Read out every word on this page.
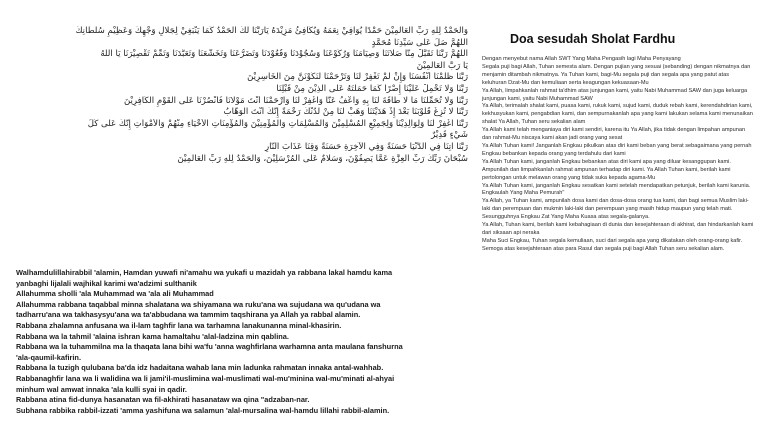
وَالْحَمْدُ لِلّٰهِ رَبِّ الْعَالَمِيْنَ حَمْدًا يُوَافِيْ نِعَمَهُ وَيُكَافِئُ مَزِيْدَهُ يَارَبَّنَا لَكَ الْحَمْدُ كَمَا يَنْبَغِيْ لِجَلَالِ وَجْهِكَ وَعَظِيْمِ سُلْطَانِكَ
اَللّٰهُمَّ صَلِّ عَلٰى سَيِّدِنَا مُحَمَّدٍ
اَللّٰهُمَّ رَبَّنَا تَقَبَّلْ مِنَّا صَلَاتَنَا وَصِيَامَنَا وَرُكُوْعَنَا وَسُجُوْدَنَا وَقُعُوْدَنَا وَتَضَرُّعَنَا وَتَخَشُّعَنَا وَتَعَبُّدَنَا وَتَمِّمْ تَقْصِيْرَنَا يَا اَللّٰهُ
يَا رَبَّ الْعَالَمِيْنَ
رَبَّنَا ظَلَمْنَا أَنْفُسَنَا وَإِنْ لَمْ تَغْفِرْ لَنَا وَتَرْحَمْنَا لَنَكُوْنَنَّ مِنَ الْخَاسِرِيْنَ
رَبَّنَا وَلَا تَحْمِلْ عَلَيْنَا إِصْرًا كَمَا حَمَلْتَهُ عَلَى الَّذِيْنَ مِنْ قَبْلِنَا
رَبَّنَا وَلَا تُحَمِّلْنَا مَا لَا طَاقَةَ لَنَا بِهِ وَاعْفُ عَنَّا وَاغْفِرْ لَنَا وَارْحَمْنَا أَنْتَ مَوْلَانَا فَانْصُرْنَا عَلَى الْقَوْمِ الْكَافِرِيْنَ
رَبَّنَا لَا تُزِغْ قُلُوْبَنَا بَعْدَ إِذْ هَدَيْتَنَا وَهَبْ لَنَا مِنْ لَدُنْكَ رَحْمَةً إِنَّكَ أَنْتَ الْوَهَّابُ
رَبَّنَا اغْفِرْ لَنَا وَلِوَالِدِيْنَا وَلِجَمِيْعِ الْمُسْلِمِيْنَ وَالْمُسْلِمَاتِ وَالْمُؤْمِنِيْنَ وَالْمُؤْمِنَاتِ الْأَحْيَاءِ مِنْهُمْ وَالْأَمْوَاتِ إِنَّكَ عَلٰى كُلِّ
شَيْءٍ قَدِيْرٌ
رَبَّنَا آتِنَا فِي الدُّنْيَا حَسَنَةً وَفِي الْآخِرَةِ حَسَنَةً وَقِنَا عَذَابَ النَّارِ
سُبْحَانَ رَبِّكَ رَبِّ الْعِزَّةِ عَمَّا يَصِفُوْنَ، وَسَلَامٌ عَلَى الْمُرْسَلِيْنَ، وَالْحَمْدُ لِلّٰهِ رَبِّ الْعَالَمِيْنَ
Walhamdulillahirabbil 'alamin, Hamdan yuwafi ni'amahu wa yukafi u mazidah ya rabbana lakal hamdu kama
yanbaghi lijalali wajhikal karimi wa'adzimi sulthanik
Allahumma sholli 'ala Muhammad wa 'ala ali Muhammad
Allahumma rabbana taqabbal minna shalatana wa shiyamana wa ruku'ana wa sujudana wa qu'udana wa
tadharru'ana wa takhasysyu'ana wa ta'abbudana wa tammim taqshirana ya Allah ya rabbal alamin.
Rabbana zhalamna anfusana wa il-lam taghfir lana wa tarhamna lanakunanna minal-khasirin.
Rabbana wa la tahmil 'alaina ishran kama hamaltahu 'alal-ladzina min qablina.
Rabbana wa la tuhammilna ma la thaqata lana bihi wa'fu 'anna waghfirlana warhamna anta maulana fanshurna
'ala-qaumil-kafirin.
Rabbana la tuzigh qulubana ba'da idz hadaitana wahab lana min ladunka rahmatan innaka antal-wahhab.
Rabbanaghfir lana wa li walidina wa li jami'il-muslimina wal-muslimati wal-mu'minina wal-mu'minati al-ahyai
minhum wal amwat innaka 'ala kulli syai in qadir.
Rabbana atina fid-dunya hasanatan wa fil-akhirati hasanataw wa qina "adzaban-nar.
Subhana rabbika rabbil-izzati 'amma yashifuna wa salamun 'alal-mursalina wal-hamdu lillahi rabbil-alamin.
Doa sesudah Sholat Fardhu
Dengan menyebut nama Allah SWT Yang Maha Pengasih lagi Maha Penyayang
Segala puji bagi Allah, Tuhan semesta alam. Dengan pujian yang sesuai (sebanding) dengan nikmatnya dan menjamin ditambah nikmatnya. Ya Tuhan kami, bagi-Mu segala puji dan segala apa yang patut atas keluhuran Dzat-Mu dan kemuliaan serta keagungan kekuasaan-Mu
Ya Allah, limpahkanlah rahmat ta'dhim atas junjungan kami, yaitu Nabi Muhammad SAW dan juga keluarga junjungan kami, yaitu Nabi Muhammad SAW
Ya Allah, terimalah shalat kami, puasa kami, rukuk kami, sujud kami, duduk rebah kami, kerendahdirian kami, kekhusyukan kami, pengabdian kami, dan sempurnakanlah apa yang kami lakukan selama kami menunaikan shalat Ya Allah, Tuhan seru sekalian alam
Ya Allah kami telah menganiaya diri kami sendiri, karena itu Ya Allah, jika tidak dengan limpahan ampunan dan rahmat-Mu niscaya kami akan jadi orang yang sesat
Ya Allah Tuhan kami! Janganlah Engkau pikulkan atas diri kami beban yang berat sebagaimana yang pernah Engkau bebankan kepada orang yang terdahulu dari kami
Ya Allah Tuhan kami, janganlah Engkau bebankan atas diri kami apa yang diluar kesanggupan kami. Ampunilah dan limpahkanlah rahmat ampunan terhadap diri kami. Ya Allah Tuhan kami, berilah kami pertolongan untuk melawan orang yang tidak suka kepada agama-Mu
Ya Allah Tuhan kami, janganlah Engkau sesatkan kami setelah mendapatkan petunjuk, berilah kami karunia. Engkaulah Yang Maha Pemurah"
Ya Allah, ya Tuhan kami, ampunilah dosa kami dan dosa-dosa orang tua kami, dan bagi semua Muslim laki-laki dan perempuan dan mukmin laki-laki dan perempuan yang masih hidup maupun yang telah mati. Sesungguhnya Engkau Zat Yang Maha Kuasa atas segala-galanya.
Ya Allah, Tuhan kami, berilah kami kebahagiaan di dunia dan kesejahteraan di akhirat, dan hindarkanlah kami dari siksaan api neraka
Maha Suci Engkau, Tuhan segala kemuliaan, suci dari segala apa yang dikatakan oleh orang-orang kafir. Semoga atas kesejahteraan atas para Rasul dan segala puji bagi Allah Tuhan seru sekalian alam.
